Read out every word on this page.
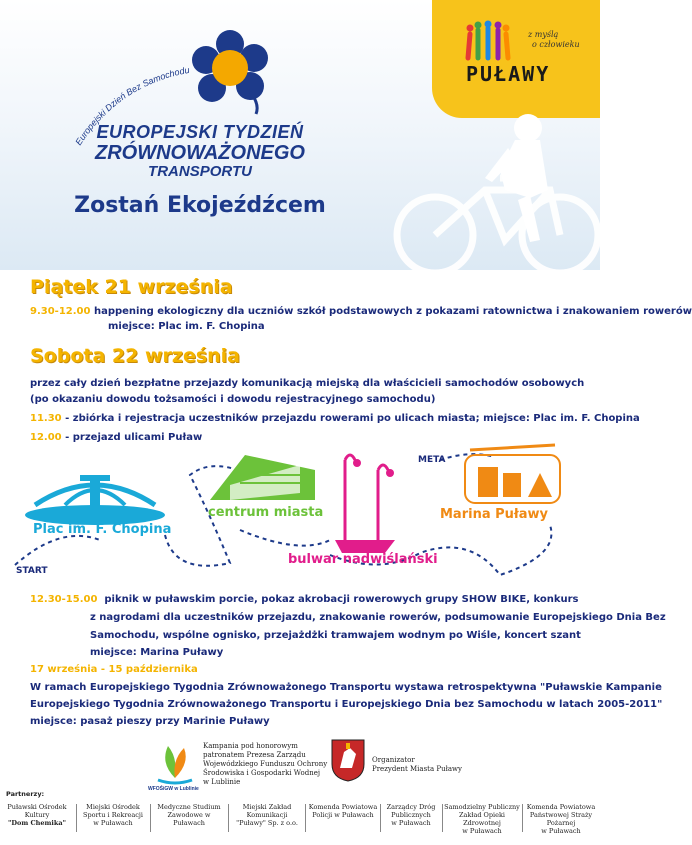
z myślą
o człowieku
PUŁAWY
Europejski Dzień Bez Samochodu
EUROPEJSKI TYDZIEŃ
ZRÓWNOWAŻONEGO
TRANSPORTU
Zostań Ekojeźdźcem
Piątek 21 września
9.30-12.00 happening ekologiczny dla uczniów szkół podstawowych z pokazami ratownictwa i znakowaniem rowerów
miejsce: Plac im. F. Chopina
Sobota 22 września
przez cały dzień bezpłatne przejazdy komunikacją miejską dla właścicieli samochodów osobowych
(po okazaniu dowodu tożsamości i dowodu rejestracyjnego samochodu)
11.30 - zbiórka i rejestracja uczestników przejazdu rowerami po ulicach miasta; miejsce: Plac im. F. Chopina
12.00 - przejazd ulicami Puław
START
META
Plac im. F. Chopina
centrum miasta
bulwar nadwiślański
Marina Puławy
12.30-15.00 piknik w puławskim porcie, pokaz akrobacji rowerowych grupy SHOW BIKE, konkurs
z nagrodami dla uczestników przejazdu, znakowanie rowerów, podsumowanie Europejskiego Dnia Bez
Samochodu, wspólne ognisko, przejażdżki tramwajem wodnym po Wiśle, koncert szant
miejsce: Marina Puławy
17 września - 15 października
W ramach Europejskiego Tygodnia Zrównoważonego Transportu wystawa retrospektywna "Puławskie Kampanie
Europejskiego Tygodnia Zrównoważonego Transportu i Europejskiego Dnia bez Samochodu w latach 2005-2011"
miejsce: pasaż pieszy przy Marinie Puławy
WFOŚiGW w Lublinie
Kampania pod honorowym
patronatem Prezesa Zarządu
Wojewódzkiego Funduszu Ochrony
Środowiska i Gospodarki Wodnej
w Lublinie
Organizator
Prezydent Miasta Puławy
Partnerzy:
Puławski Ośrodek
Kultury
"Dom Chemika"
Miejski Ośrodek
Sportu i Rekreacji
w Puławach
Medyczne Studium
Zawodowe w Puławach
Miejski Zakład
Komunikacji
"Puławy" Sp. z o.o.
Komenda Powiatowa
Policji w Puławach
Zarządcy Dróg
Publicznych
w Puławach
Samodzielny Publiczny
Zakład Opieki Zdrowotnej
w Puławach
Komenda Powiatowa
Państwowej Straży Pożarnej
w Puławach
